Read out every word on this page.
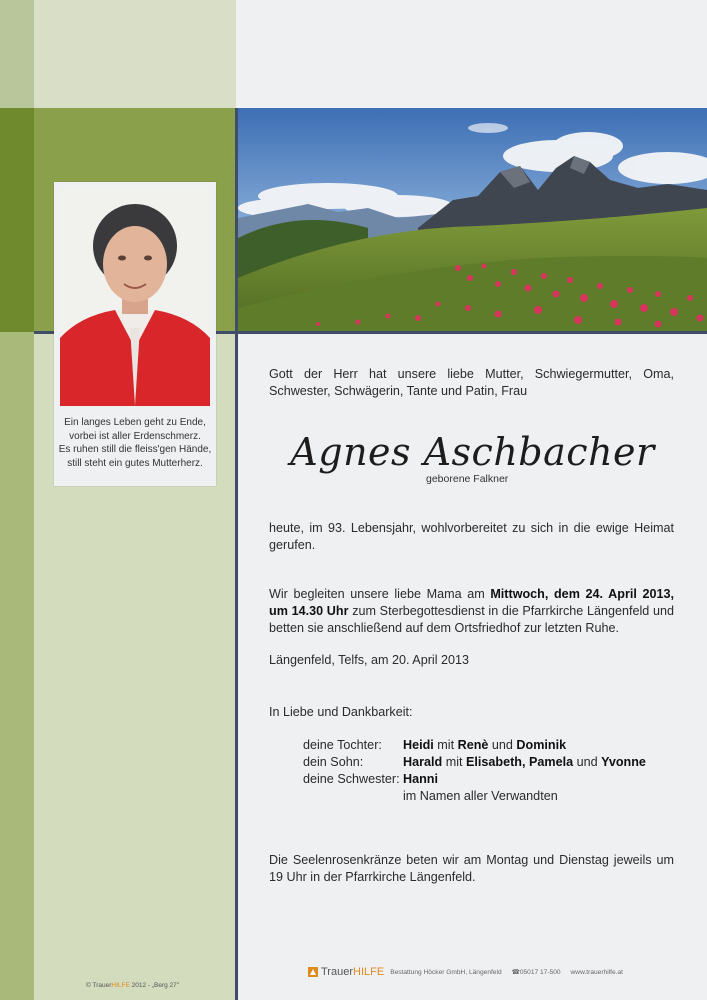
Ein langes Leben geht zu Ende,
vorbei ist aller Erdenschmerz.
Es ruhen still die fleiss'gen Hände,
still steht ein gutes Mutterherz.
Gott der Herr hat unsere liebe Mutter, Schwiegermutter, Oma, Schwester, Schwägerin, Tante und Patin, Frau
Agnes Aschbacher
geborene Falkner
heute, im 93. Lebensjahr, wohlvorbereitet zu sich in die ewige Heimat gerufen.
Wir begleiten unsere liebe Mama am Mittwoch, dem 24. April 2013, um 14.30 Uhr zum Sterbegottesdienst in die Pfarrkirche Längenfeld und betten sie anschließend auf dem Ortsfriedhof zur letzten Ruhe.
Längenfeld, Telfs, am 20. April 2013
In Liebe und Dankbarkeit:
deine Tochter: Heidi mit Renè und Dominik
dein Sohn:	Harald mit Elisabeth, Pamela und Yvonne
deine Schwester: Hanni
im Namen aller Verwandten
Die Seelenrosenkränze beten wir am Montag und Dienstag jeweils um 19 Uhr in der Pfarrkirche Längenfeld.
© TrauerHILFE 2012 - „Berg 27"
TrauerHILFE Bestattung Höcker GmbH, Längenfeld ☎05017 17-500 www.trauerhilfe.at
